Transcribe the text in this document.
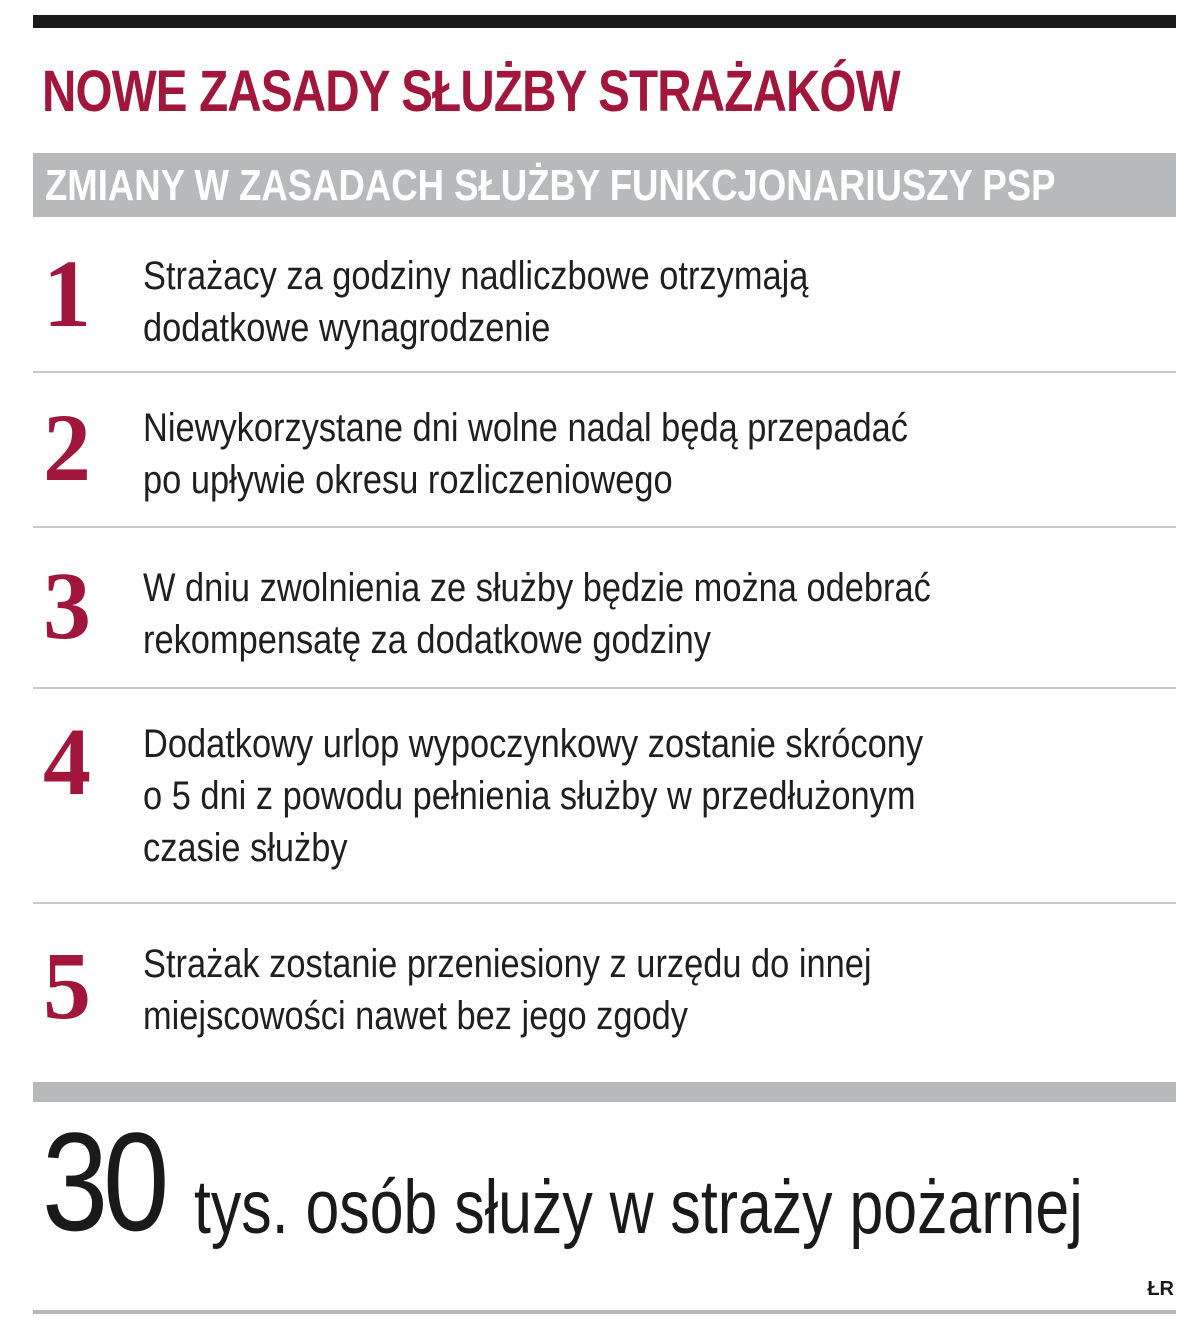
NOWE ZASADY SŁUŻBY STRAŻAKÓW
ZMIANY W ZASADACH SŁUŻBY FUNKCJONARIUSZY PSP
1 Strażacy za godziny nadliczbowe otrzymają
dodatkowe wynagrodzenie
2 Niewykorzystane dni wolne nadal będą przepadać
po upływie okresu rozliczeniowego
3 W dniu zwolnienia ze służby będzie można odebrać
rekompensatę za dodatkowe godziny
4 Dodatkowy urlop wypoczynkowy zostanie skrócony
o 5 dni z powodu pełnienia służby w przedłużonym
czasie służby
5 Strażak zostanie przeniesiony z urzędu do innej
miejscowości nawet bez jego zgody
30 tys. osób służy w straży pożarnej
ŁR
